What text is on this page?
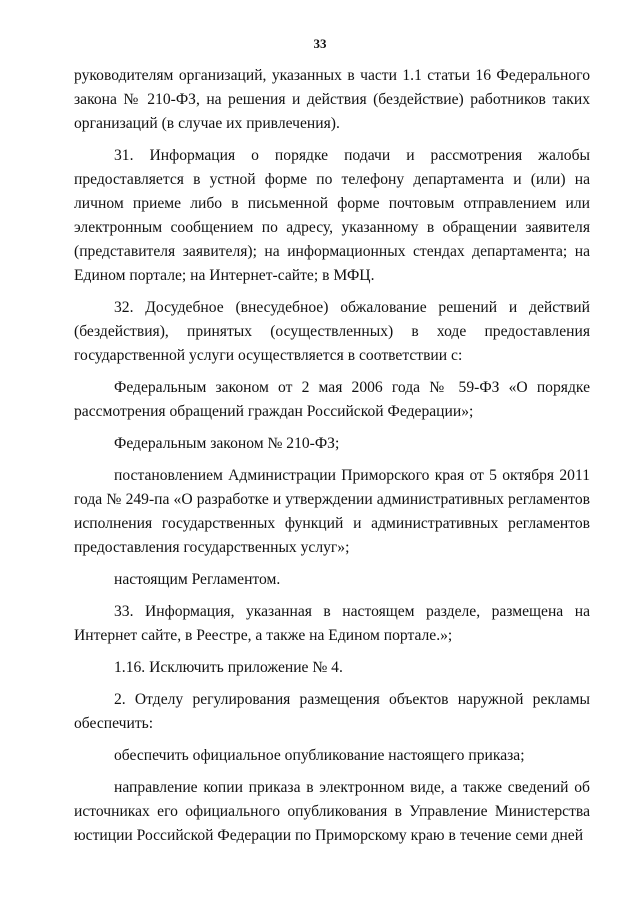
33

руководителям организаций, указанных в части 1.1 статьи 16 Федерального закона № 210-ФЗ, на решения и действия (бездействие) работников таких организаций (в случае их привлечения).

31. Информация о порядке подачи и рассмотрения жалобы предоставляется в устной форме по телефону департамента и (или) на личном приеме либо в письменной форме почтовым отправлением или электронным сообщением по адресу, указанному в обращении заявителя (представителя заявителя); на информационных стендах департамента; на Едином портале; на Интернет-сайте; в МФЦ.

32. Досудебное (внесудебное) обжалование решений и действий (бездействия), принятых (осуществленных) в ходе предоставления государственной услуги осуществляется в соответствии с:

Федеральным законом от 2 мая 2006 года № 59-ФЗ «О порядке рассмотрения обращений граждан Российской Федерации»;

Федеральным законом № 210-ФЗ;

постановлением Администрации Приморского края от 5 октября 2011 года № 249-па «О разработке и утверждении административных регламентов исполнения государственных функций и административных регламентов предоставления государственных услуг»;

настоящим Регламентом.

33. Информация, указанная в настоящем разделе, размещена на Интернет сайте, в Реестре, а также на Едином портале.»;

1.16. Исключить приложение № 4.

2. Отделу регулирования размещения объектов наружной рекламы обеспечить:

обеспечить официальное опубликование настоящего приказа;

направление копии приказа в электронном виде, а также сведений об источниках его официального опубликования в Управление Министерства юстиции Российской Федерации по Приморскому краю в течение семи дней
